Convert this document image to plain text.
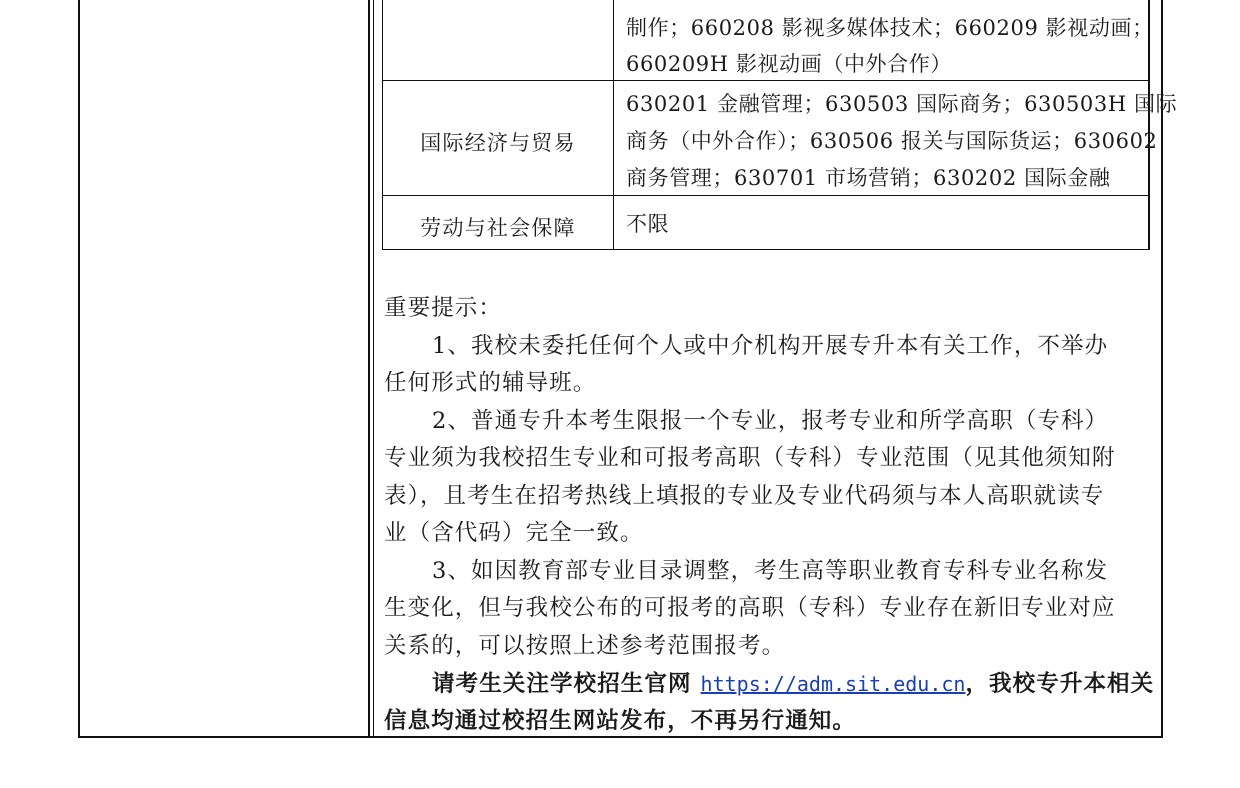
制作；660208 影视多媒体技术；660209 影视动画；
660209H 影视动画（中外合作）
国际经济与贸易
630201 金融管理；630503 国际商务；630503H 国际
商务（中外合作）；630506 报关与国际货运；630602
商务管理；630701 市场营销；630202 国际金融
劳动与社会保障	不限
重要提示：
1、我校未委托任何个人或中介机构开展专升本有关工作，不举办
任何形式的辅导班。
2、普通专升本考生限报一个专业，报考专业和所学高职（专科）
专业须为我校招生专业和可报考高职（专科）专业范围（见其他须知附
表），且考生在招考热线上填报的专业及专业代码须与本人高职就读专
业（含代码）完全一致。
3、如因教育部专业目录调整，考生高等职业教育专科专业名称发
生变化，但与我校公布的可报考的高职（专科）专业存在新旧专业对应
关系的，可以按照上述参考范围报考。
请考生关注学校招生官网 https://adm.sit.edu.cn，我校专升本相关
信息均通过校招生网站发布，不再另行通知。
